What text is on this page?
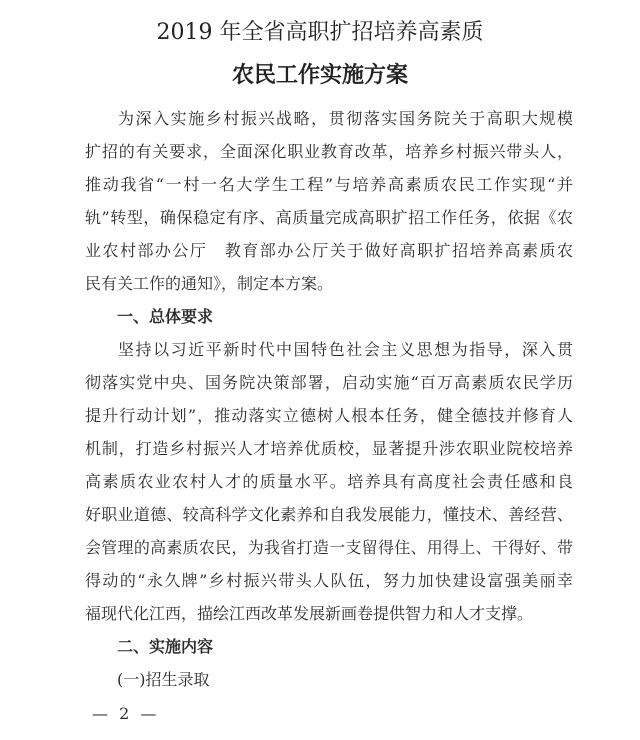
2019 年全省高职扩招培养高素质
农民工作实施方案
为深入实施乡村振兴战略，贯彻落实国务院关于高职大规模
扩招的有关要求，全面深化职业教育改革，培养乡村振兴带头人，
推动我省“一村一名大学生工程”与培养高素质农民工作实现“并
轨”转型，确保稳定有序、高质量完成高职扩招工作任务，依据《农
业农村部办公厅　教育部办公厅关于做好高职扩招培养高素质农
民有关工作的通知》，制定本方案。
一、总体要求
坚持以习近平新时代中国特色社会主义思想为指导，深入贯
彻落实党中央、国务院决策部署，启动实施“百万高素质农民学历
提升行动计划”，推动落实立德树人根本任务，健全德技并修育人
机制，打造乡村振兴人才培养优质校，显著提升涉农职业院校培养
高素质农业农村人才的质量水平。培养具有高度社会责任感和良
好职业道德、较高科学文化素养和自我发展能力，懂技术、善经营、
会管理的高素质农民，为我省打造一支留得住、用得上、干得好、带
得动的“永久牌”乡村振兴带头人队伍，努力加快建设富强美丽幸
福现代化江西，描绘江西改革发展新画卷提供智力和人才支撑。
二、实施内容
(一)招生录取
— 2 —
